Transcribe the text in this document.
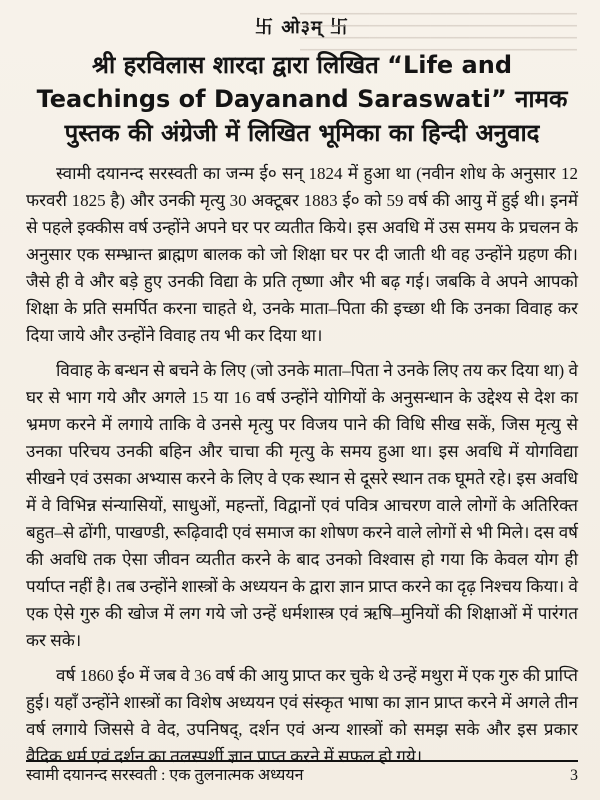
▁▁▁▁▁▁▁▁▁▁▁▁▁▁▁▁▁▁▁▁▁▁▁▁▁▁▁▁▁▁▁▁▁▁▁▁
▁▁▁▁▁▁▁▁▁▁▁▁▁▁▁▁▁▁▁▁▁▁▁▁▁▁▁▁▁▁▁▁▁▁▁▁
▁▁▁▁▁▁▁▁▁▁▁▁▁▁▁▁▁▁▁▁▁▁▁▁▁▁▁▁▁▁▁▁▁▁▁▁
▁▁▁▁▁▁▁▁▁▁▁▁▁▁▁▁▁▁▁▁▁▁▁▁▁▁▁▁▁▁▁▁▁▁▁▁
卐 ओ३म् 卐
श्री हरविलास शारदा द्वारा लिखित “Life and
Teachings of Dayanand Saraswati” नामक
पुस्तक की अंग्रेजी में लिखित भूमिका का हिन्दी अनुवाद

स्वामी दयानन्द सरस्वती का जन्म ई० सन् 1824 में हुआ था (नवीन शोध के अनुसार 12 फरवरी 1825 है) और उनकी मृत्यु 30 अक्टूबर 1883 ई० को 59 वर्ष की आयु में हुई थी। इनमें से पहले इक्कीस वर्ष उन्होंने अपने घर पर व्यतीत किये। इस अवधि में उस समय के प्रचलन के अनुसार एक सम्भ्रान्त ब्राह्मण बालक को जो शिक्षा घर पर दी जाती थी वह उन्होंने ग्रहण की। जैसे ही वे और बड़े हुए उनकी विद्या के प्रति तृष्णा और भी बढ़ गई। जबकि वे अपने आपको शिक्षा के प्रति समर्पित करना चाहते थे, उनके माता–पिता की इच्छा थी कि उनका विवाह कर दिया जाये और उन्होंने विवाह तय भी कर दिया था।

विवाह के बन्धन से बचने के लिए (जो उनके माता–पिता ने उनके लिए तय कर दिया था) वे घर से भाग गये और अगले 15 या 16 वर्ष उन्होंने योगियों के अनुसन्धान के उद्देश्य से देश का भ्रमण करने में लगाये ताकि वे उनसे मृत्यु पर विजय पाने की विधि सीख सकें, जिस मृत्यु से उनका परिचय उनकी बहिन और चाचा की मृत्यु के समय हुआ था। इस अवधि में योगविद्या सीखने एवं उसका अभ्यास करने के लिए वे एक स्थान से दूसरे स्थान तक घूमते रहे। इस अवधि में वे विभिन्न संन्यासियों, साधुओं, महन्तों, विद्वानों एवं पवित्र आचरण वाले लोगों के अतिरिक्त बहुत–से ढोंगी, पाखण्डी, रूढ़िवादी एवं समाज का शोषण करने वाले लोगों से भी मिले। दस वर्ष की अवधि तक ऐसा जीवन व्यतीत करने के बाद उनको विश्वास हो गया कि केवल योग ही पर्याप्त नहीं है। तब उन्होंने शास्त्रों के अध्ययन के द्वारा ज्ञान प्राप्त करने का दृढ़ निश्चय किया। वे एक ऐसे गुरु की खोज में लग गये जो उन्हें धर्मशास्त्र एवं ऋषि–मुनियों की शिक्षाओं में पारंगत कर सके।

वर्ष 1860 ई० में जब वे 36 वर्ष की आयु प्राप्त कर चुके थे उन्हें मथुरा में एक गुरु की प्राप्ति हुई। यहाँ उन्होंने शास्त्रों का विशेष अध्ययन एवं संस्कृत भाषा का ज्ञान प्राप्त करने में अगले तीन वर्ष लगाये जिससे वे वेद, उपनिषद्, दर्शन एवं अन्य शास्त्रों को समझ सके और इस प्रकार वैदिक धर्म एवं दर्शन का तलस्पर्शी ज्ञान प्राप्त करने में सफल हो गये।

स्वामी दयानन्द सरस्वती : एक तुलनात्मक अध्ययन	3
